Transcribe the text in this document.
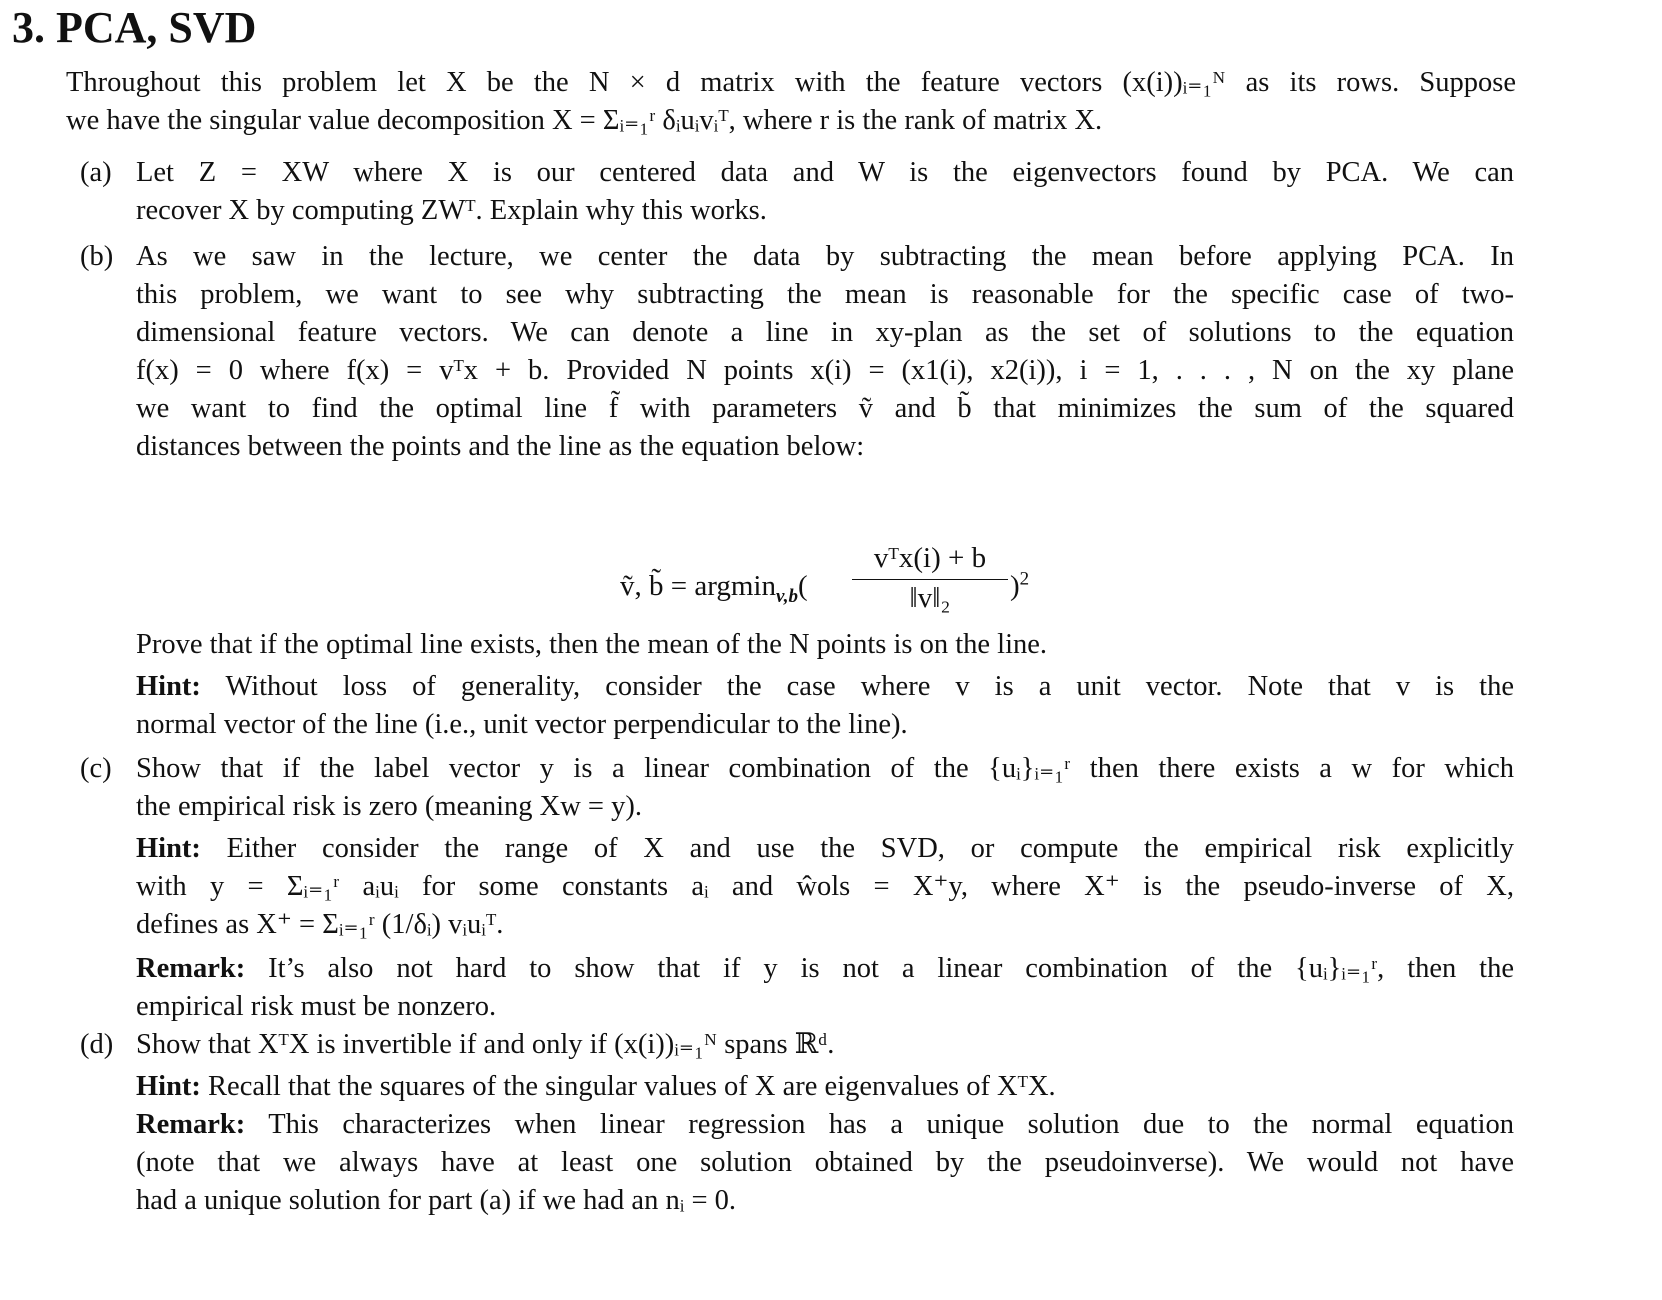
3. PCA, SVD
Throughout this problem let X be the N × d matrix with the feature vectors (x(i))ᵢ₌₁ᴺ as its rows. Suppose
we have the singular value decomposition X = Σᵢ₌₁ʳ δᵢuᵢvᵢᵀ, where r is the rank of matrix X.
(a) Let Z = XW where X is our centered data and W is the eigenvectors found by PCA. We can
recover X by computing ZWᵀ. Explain why this works.
(b) As we saw in the lecture, we center the data by subtracting the mean before applying PCA. In
this problem, we want to see why subtracting the mean is reasonable for the specific case of two-
dimensional feature vectors. We can denote a line in xy-plan as the set of solutions to the equation
f(x) = 0 where f(x) = vᵀx + b. Provided N points x(i) = (x1(i), x2(i)), i = 1, . . . , N on the xy plane
we want to find the optimal line f̃ with parameters ṽ and b̃ that minimizes the sum of the squared
distances between the points and the line as the equation below:
ṽ, b̃ = argmin$_{v,b}$(
vᵀx(i) + b
‖v‖₂	)$^2$
Prove that if the optimal line exists, then the mean of the N points is on the line.
Hint: Without loss of generality, consider the case where v is a unit vector. Note that v is the
normal vector of the line (i.e., unit vector perpendicular to the line).
(c) Show that if the label vector y is a linear combination of the {uᵢ}ᵢ₌₁ʳ then there exists a w for which
the empirical risk is zero (meaning Xw = y).
Hint: Either consider the range of X and use the SVD, or compute the empirical risk explicitly
with y = Σᵢ₌₁ʳ aᵢuᵢ for some constants aᵢ and ŵols = X⁺y, where X⁺ is the pseudo-inverse of X,
defines as X⁺ = Σᵢ₌₁ʳ (1/δᵢ) vᵢuᵢᵀ.
Remark: It’s also not hard to show that if y is not a linear combination of the {uᵢ}ᵢ₌₁ʳ, then the
empirical risk must be nonzero.
(d) Show that XᵀX is invertible if and only if (x(i))ᵢ₌₁ᴺ spans ℝᵈ.
Hint: Recall that the squares of the singular values of X are eigenvalues of XᵀX.
Remark: This characterizes when linear regression has a unique solution due to the normal equation
(note that we always have at least one solution obtained by the pseudoinverse). We would not have
had a unique solution for part (a) if we had an nᵢ = 0.
